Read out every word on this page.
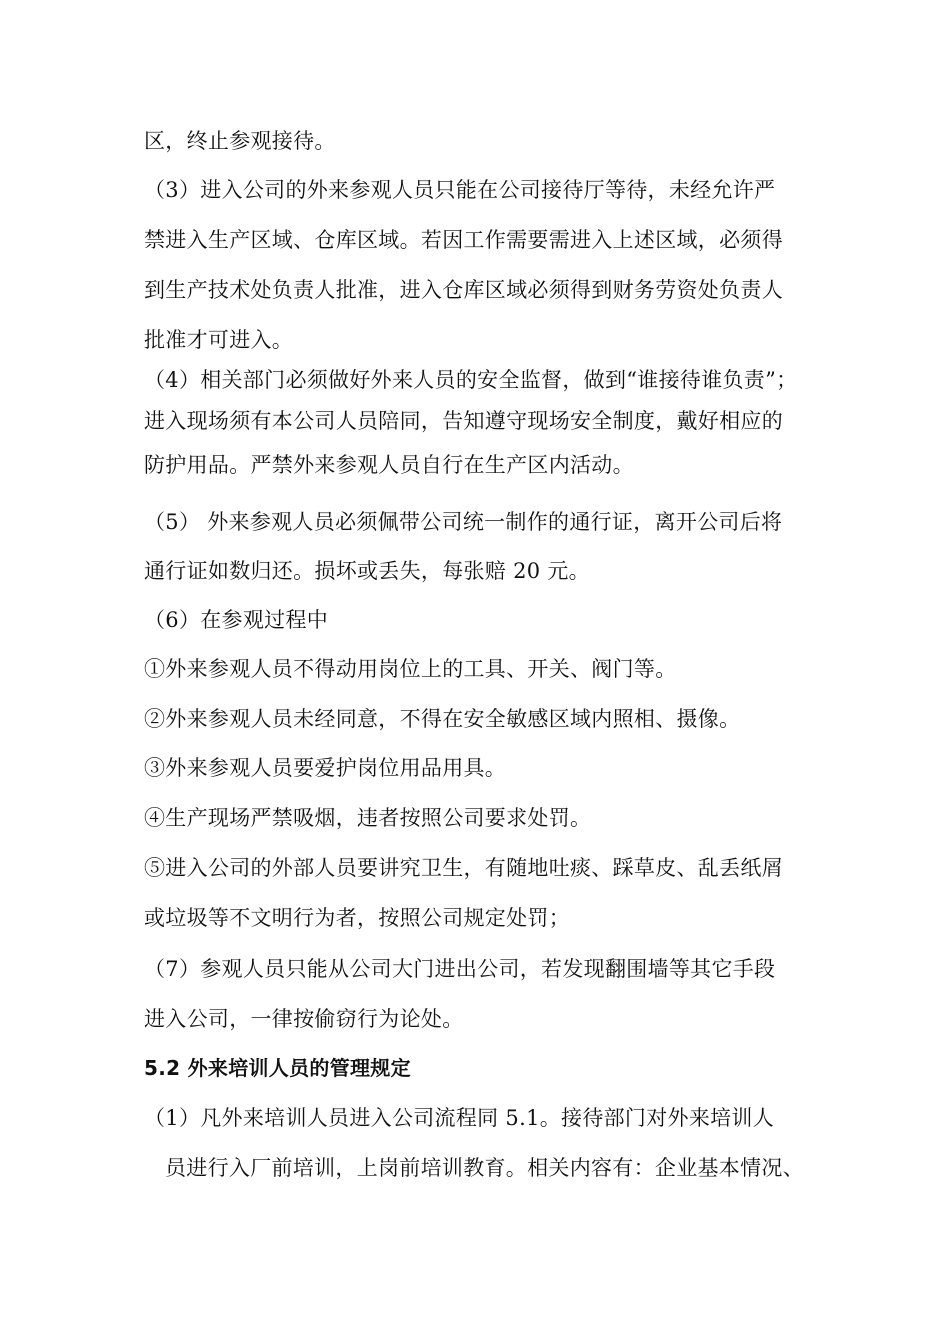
区，终止参观接待。
（3）进入公司的外来参观人员只能在公司接待厅等待，未经允许严
禁进入生产区域、仓库区域。若因工作需要需进入上述区域，必须得
到生产技术处负责人批准，进入仓库区域必须得到财务劳资处负责人
批准才可进入。
（4）相关部门必须做好外来人员的安全监督，做到“谁接待谁负责”；
进入现场须有本公司人员陪同，告知遵守现场安全制度，戴好相应的
防护用品。严禁外来参观人员自行在生产区内活动。
（5） 外来参观人员必须佩带公司统一制作的通行证，离开公司后将
通行证如数归还。损坏或丢失，每张赔 20 元。
（6）在参观过程中
①外来参观人员不得动用岗位上的工具、开关、阀门等。
②外来参观人员未经同意，不得在安全敏感区域内照相、摄像。
③外来参观人员要爱护岗位用品用具。
④生产现场严禁吸烟，违者按照公司要求处罚。
⑤进入公司的外部人员要讲究卫生，有随地吐痰、踩草皮、乱丢纸屑
或垃圾等不文明行为者，按照公司规定处罚；
（7）参观人员只能从公司大门进出公司，若发现翻围墙等其它手段
进入公司，一律按偷窃行为论处。
5.2 外来培训人员的管理规定
（1）凡外来培训人员进入公司流程同 5.1。接待部门对外来培训人
员进行入厂前培训，上岗前培训教育。相关内容有：企业基本情况、
